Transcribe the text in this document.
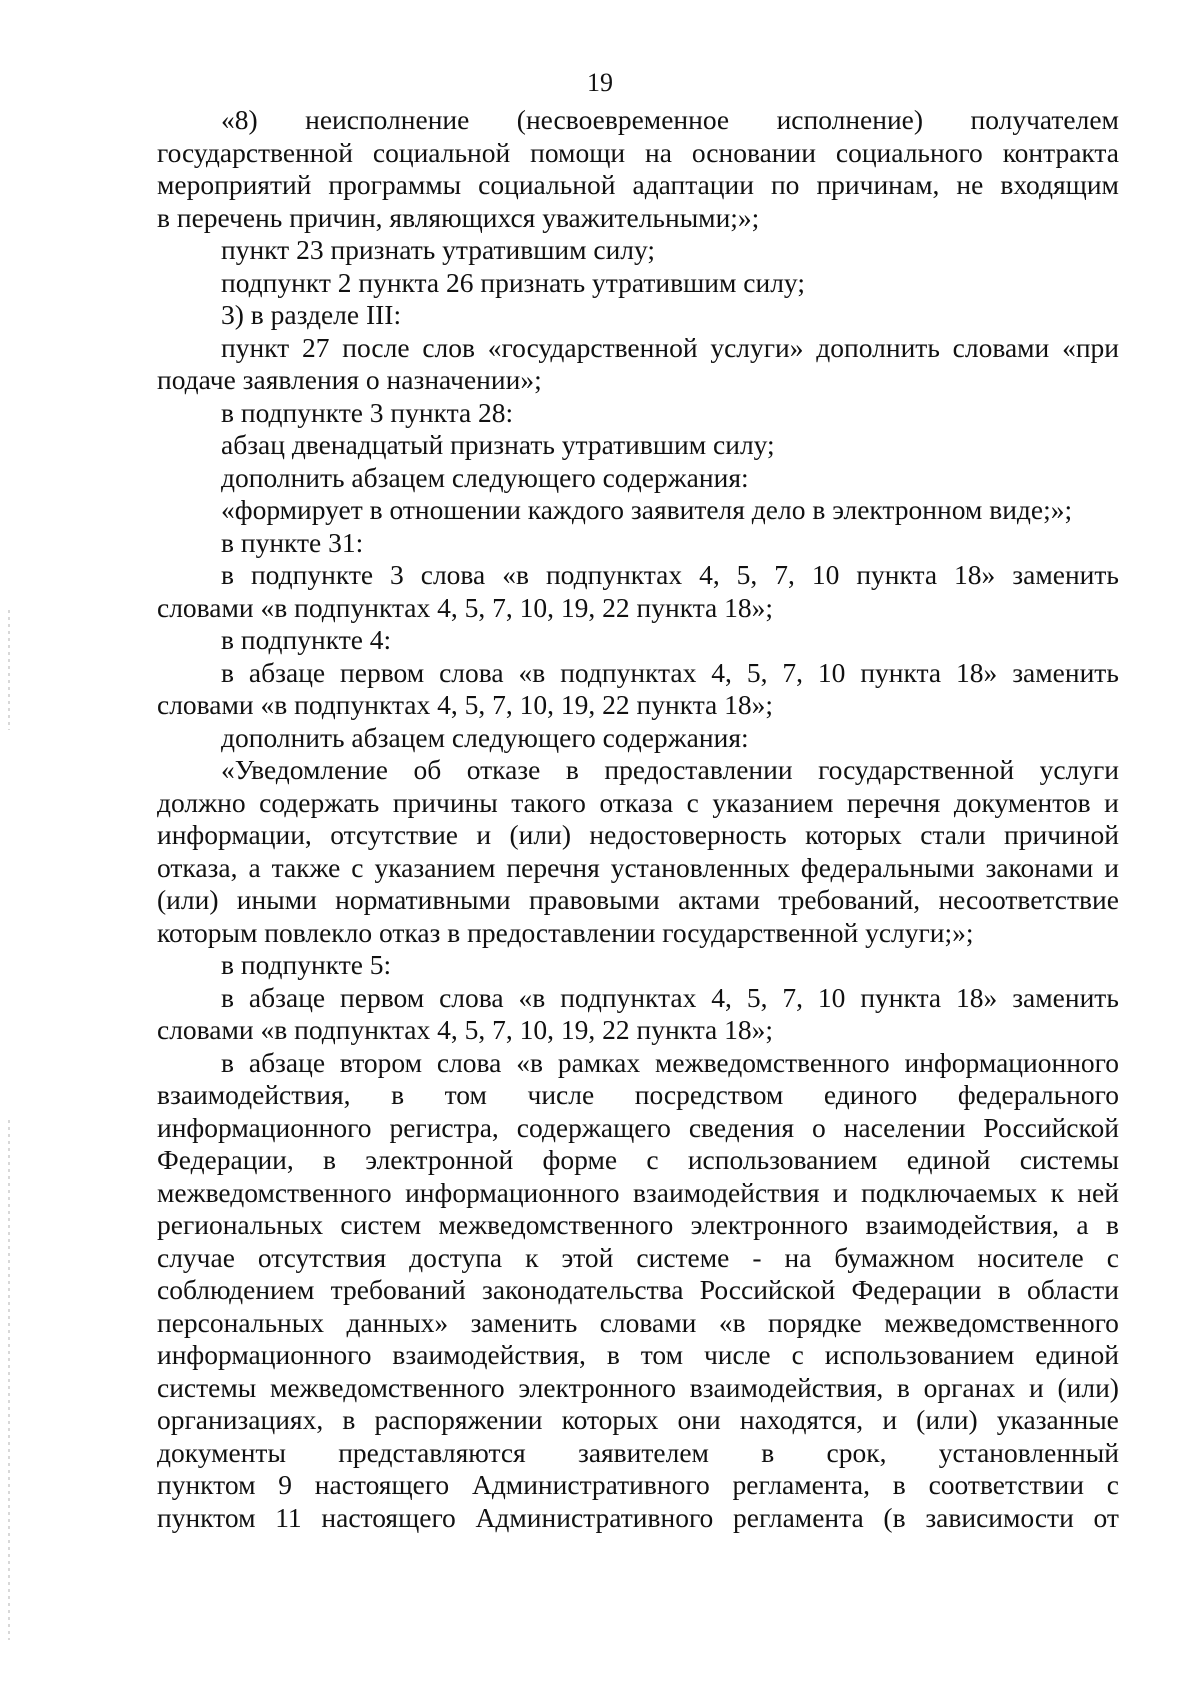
19
«8) неисполнение (несвоевременное исполнение) получателем
государственной социальной помощи на основании социального контракта
мероприятий программы социальной адаптации по причинам, не входящим
в перечень причин, являющихся уважительными;»;
пункт 23 признать утратившим силу;
подпункт 2 пункта 26 признать утратившим силу;
3) в разделе III:
пункт 27 после слов «государственной услуги» дополнить словами «при
подаче заявления о назначении»;
в подпункте 3 пункта 28:
абзац двенадцатый признать утратившим силу;
дополнить абзацем следующего содержания:
«формирует в отношении каждого заявителя дело в электронном виде;»;
в пункте 31:
в подпункте 3 слова «в подпунктах 4, 5, 7, 10 пункта 18» заменить
словами «в подпунктах 4, 5, 7, 10, 19, 22 пункта 18»;
в подпункте 4:
в абзаце первом слова «в подпунктах 4, 5, 7, 10 пункта 18» заменить
словами «в подпунктах 4, 5, 7, 10, 19, 22 пункта 18»;
дополнить абзацем следующего содержания:
«Уведомление об отказе в предоставлении государственной услуги
должно содержать причины такого отказа с указанием перечня документов и
информации, отсутствие и (или) недостоверность которых стали причиной
отказа, а также с указанием перечня установленных федеральными законами и
(или) иными нормативными правовыми актами требований, несоответствие
которым повлекло отказ в предоставлении государственной услуги;»;
в подпункте 5:
в абзаце первом слова «в подпунктах 4, 5, 7, 10 пункта 18» заменить
словами «в подпунктах 4, 5, 7, 10, 19, 22 пункта 18»;
в абзаце втором слова «в рамках межведомственного информационного
взаимодействия, в том числе посредством единого федерального
информационного регистра, содержащего сведения о населении Российской
Федерации, в электронной форме с использованием единой системы
межведомственного информационного взаимодействия и подключаемых к ней
региональных систем межведомственного электронного взаимодействия, а в
случае отсутствия доступа к этой системе - на бумажном носителе с
соблюдением требований законодательства Российской Федерации в области
персональных данных» заменить словами «в порядке межведомственного
информационного взаимодействия, в том числе с использованием единой
системы межведомственного электронного взаимодействия, в органах и (или)
организациях, в распоряжении которых они находятся, и (или) указанные
документы представляются заявителем в срок, установленный
пунктом 9 настоящего Административного регламента, в соответствии с
пунктом 11 настоящего Административного регламента (в зависимости от
